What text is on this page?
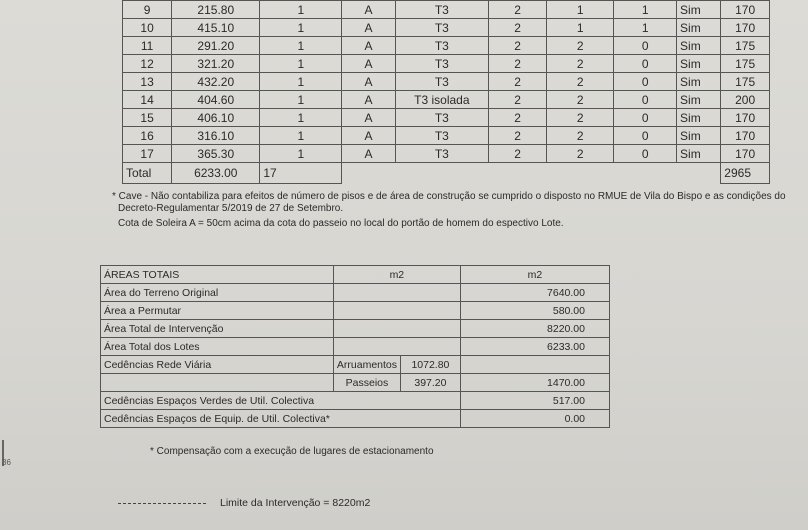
9	215.80	1	A	T3	2	1	1	Sim	170
10	415.10	1	A	T3	2	1	1	Sim	170
11	291.20	1	A	T3	2	2	0	Sim	175
12	321.20	1	A	T3	2	2	0	Sim	175
13	432.20	1	A	T3	2	2	0	Sim	175
14	404.60	1	A	T3 isolada	2	2	0	Sim	200
15	406.10	1	A	T3	2	2	0	Sim	170
16	316.10	1	A	T3	2	2	0	Sim	170
17	365.30	1	A	T3	2	2	0	Sim	170
Total	6233.00	17							2965

* Cave - Não contabiliza para efeitos de número de pisos e de área de construção se cumprido o disposto no RMUE de Vila do Bispo e as condições do

Decreto-Regulamentar 5/2019 de 27 de Setembro.

Cota de Soleira A = 50cm acima da cota do passeio no local do portão de homem do espectivo Lote.

ÁREAS TOTAIS	m2		m2
Área do Terreno Original			7640.00
Área a Permutar			580.00
Área Total de Intervenção			8220.00
Área Total dos Lotes			6233.00
Cedências Rede Viária	Arruamentos	1072.80	
	Passeios	397.20	1470.00
Cedências Espaços Verdes de Util. Colectiva			517.00
Cedências Espaços de Equip. de Util. Colectiva*			0.00
* Compensação com a execução de lugares de estacionamento
Limite da Intervenção = 8220m2
36
